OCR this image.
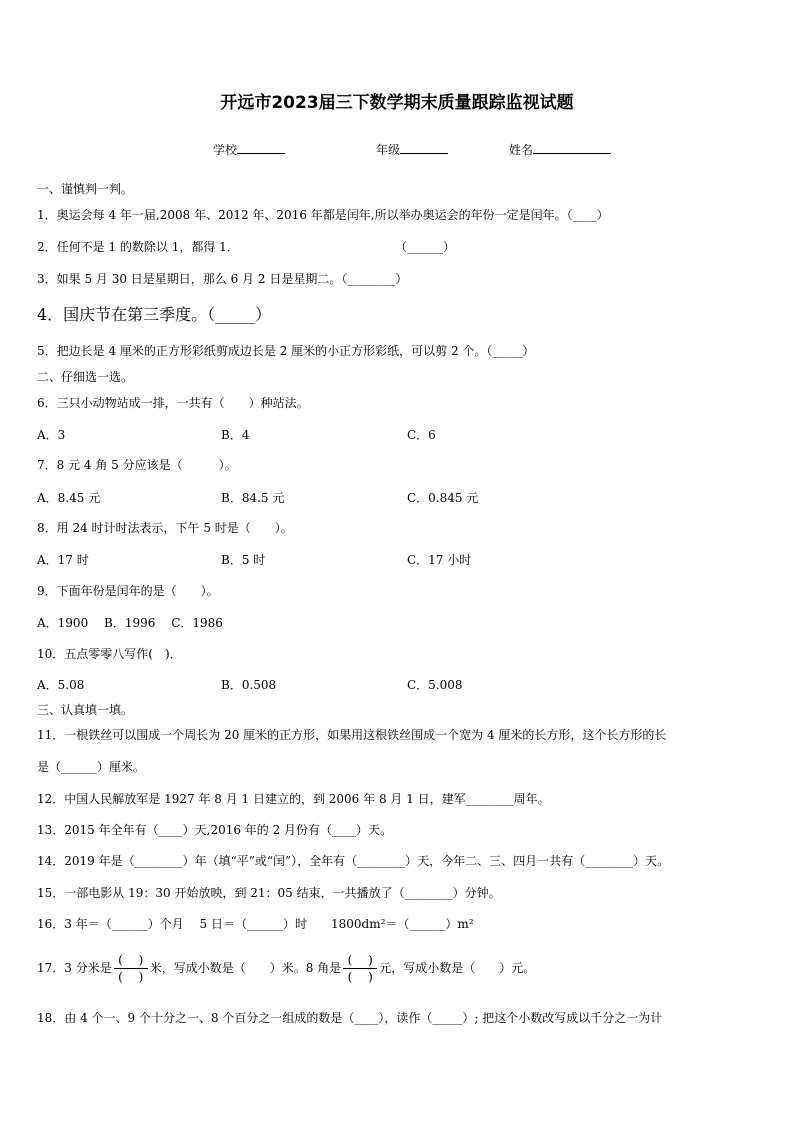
开远市2023届三下数学期末质量跟踪监视试题
学校	年级	姓名
一、谨慎判一判。
1．奥运会每 4 年一届,2008 年、2012 年、2016 年都是闰年,所以举办奥运会的年份一定是闰年。（____）
2．任何不是 1 的数除以 1，都得 1．	（______）
3．如果 5 月 30 日是星期日，那么 6 月 2 日是星期二。（________）
4．国庆节在第三季度。（_____）
5．把边长是 4 厘米的正方形彩纸剪成边长是 2 厘米的小正方形彩纸，可以剪 2 个。（_____）
二、仔细选一选。
6．三只小动物站成一排，一共有（　　）种站法。
A．3	B．4	C．6
7．8 元 4 角 5 分应该是（　　　）。
A．8.45 元	B．84.5 元	C．0.845 元
8．用 24 时计时法表示，下午 5 时是（　　）。
A．17 时	B．5 时	C．17 小时
9．下面年份是闰年的是（　　）。
A．1900　 B．1996　 C．1986
10．五点零零八写作(　)．
A．5.08	B．0.508	C．5.008
三、认真填一填。
11．一根铁丝可以围成一个周长为 20 厘米的正方形，如果用这根铁丝围成一个宽为 4 厘米的长方形，这个长方形的长
是（______）厘米。
12．中国人民解放军是 1927 年 8 月 1 日建立的，到 2006 年 8 月 1 日，建军________周年。
13．2015 年全年有（____）天,2016 年的 2 月份有（____）天。
14．2019 年是（________）年（填“平”或“闰”），全年有（________）天，今年二、三、四月一共有（________）天。
15．一部电影从 19：30 开始放映，到 21：05 结束，一共播放了（________）分钟。
16．3 年＝（______）个月　 5 日＝（______）时　　1800dm²＝（______）m²
17．3 分米是 $\frac{( )}{( )}$ 米，写成小数是（　　）米。8 角是 $\frac{( )}{( )}$ 元，写成小数是（　　）元。
18．由 4 个一、9 个十分之一、8 个百分之一组成的数是（____），读作（_____）; 把这个小数改写成以千分之一为计
